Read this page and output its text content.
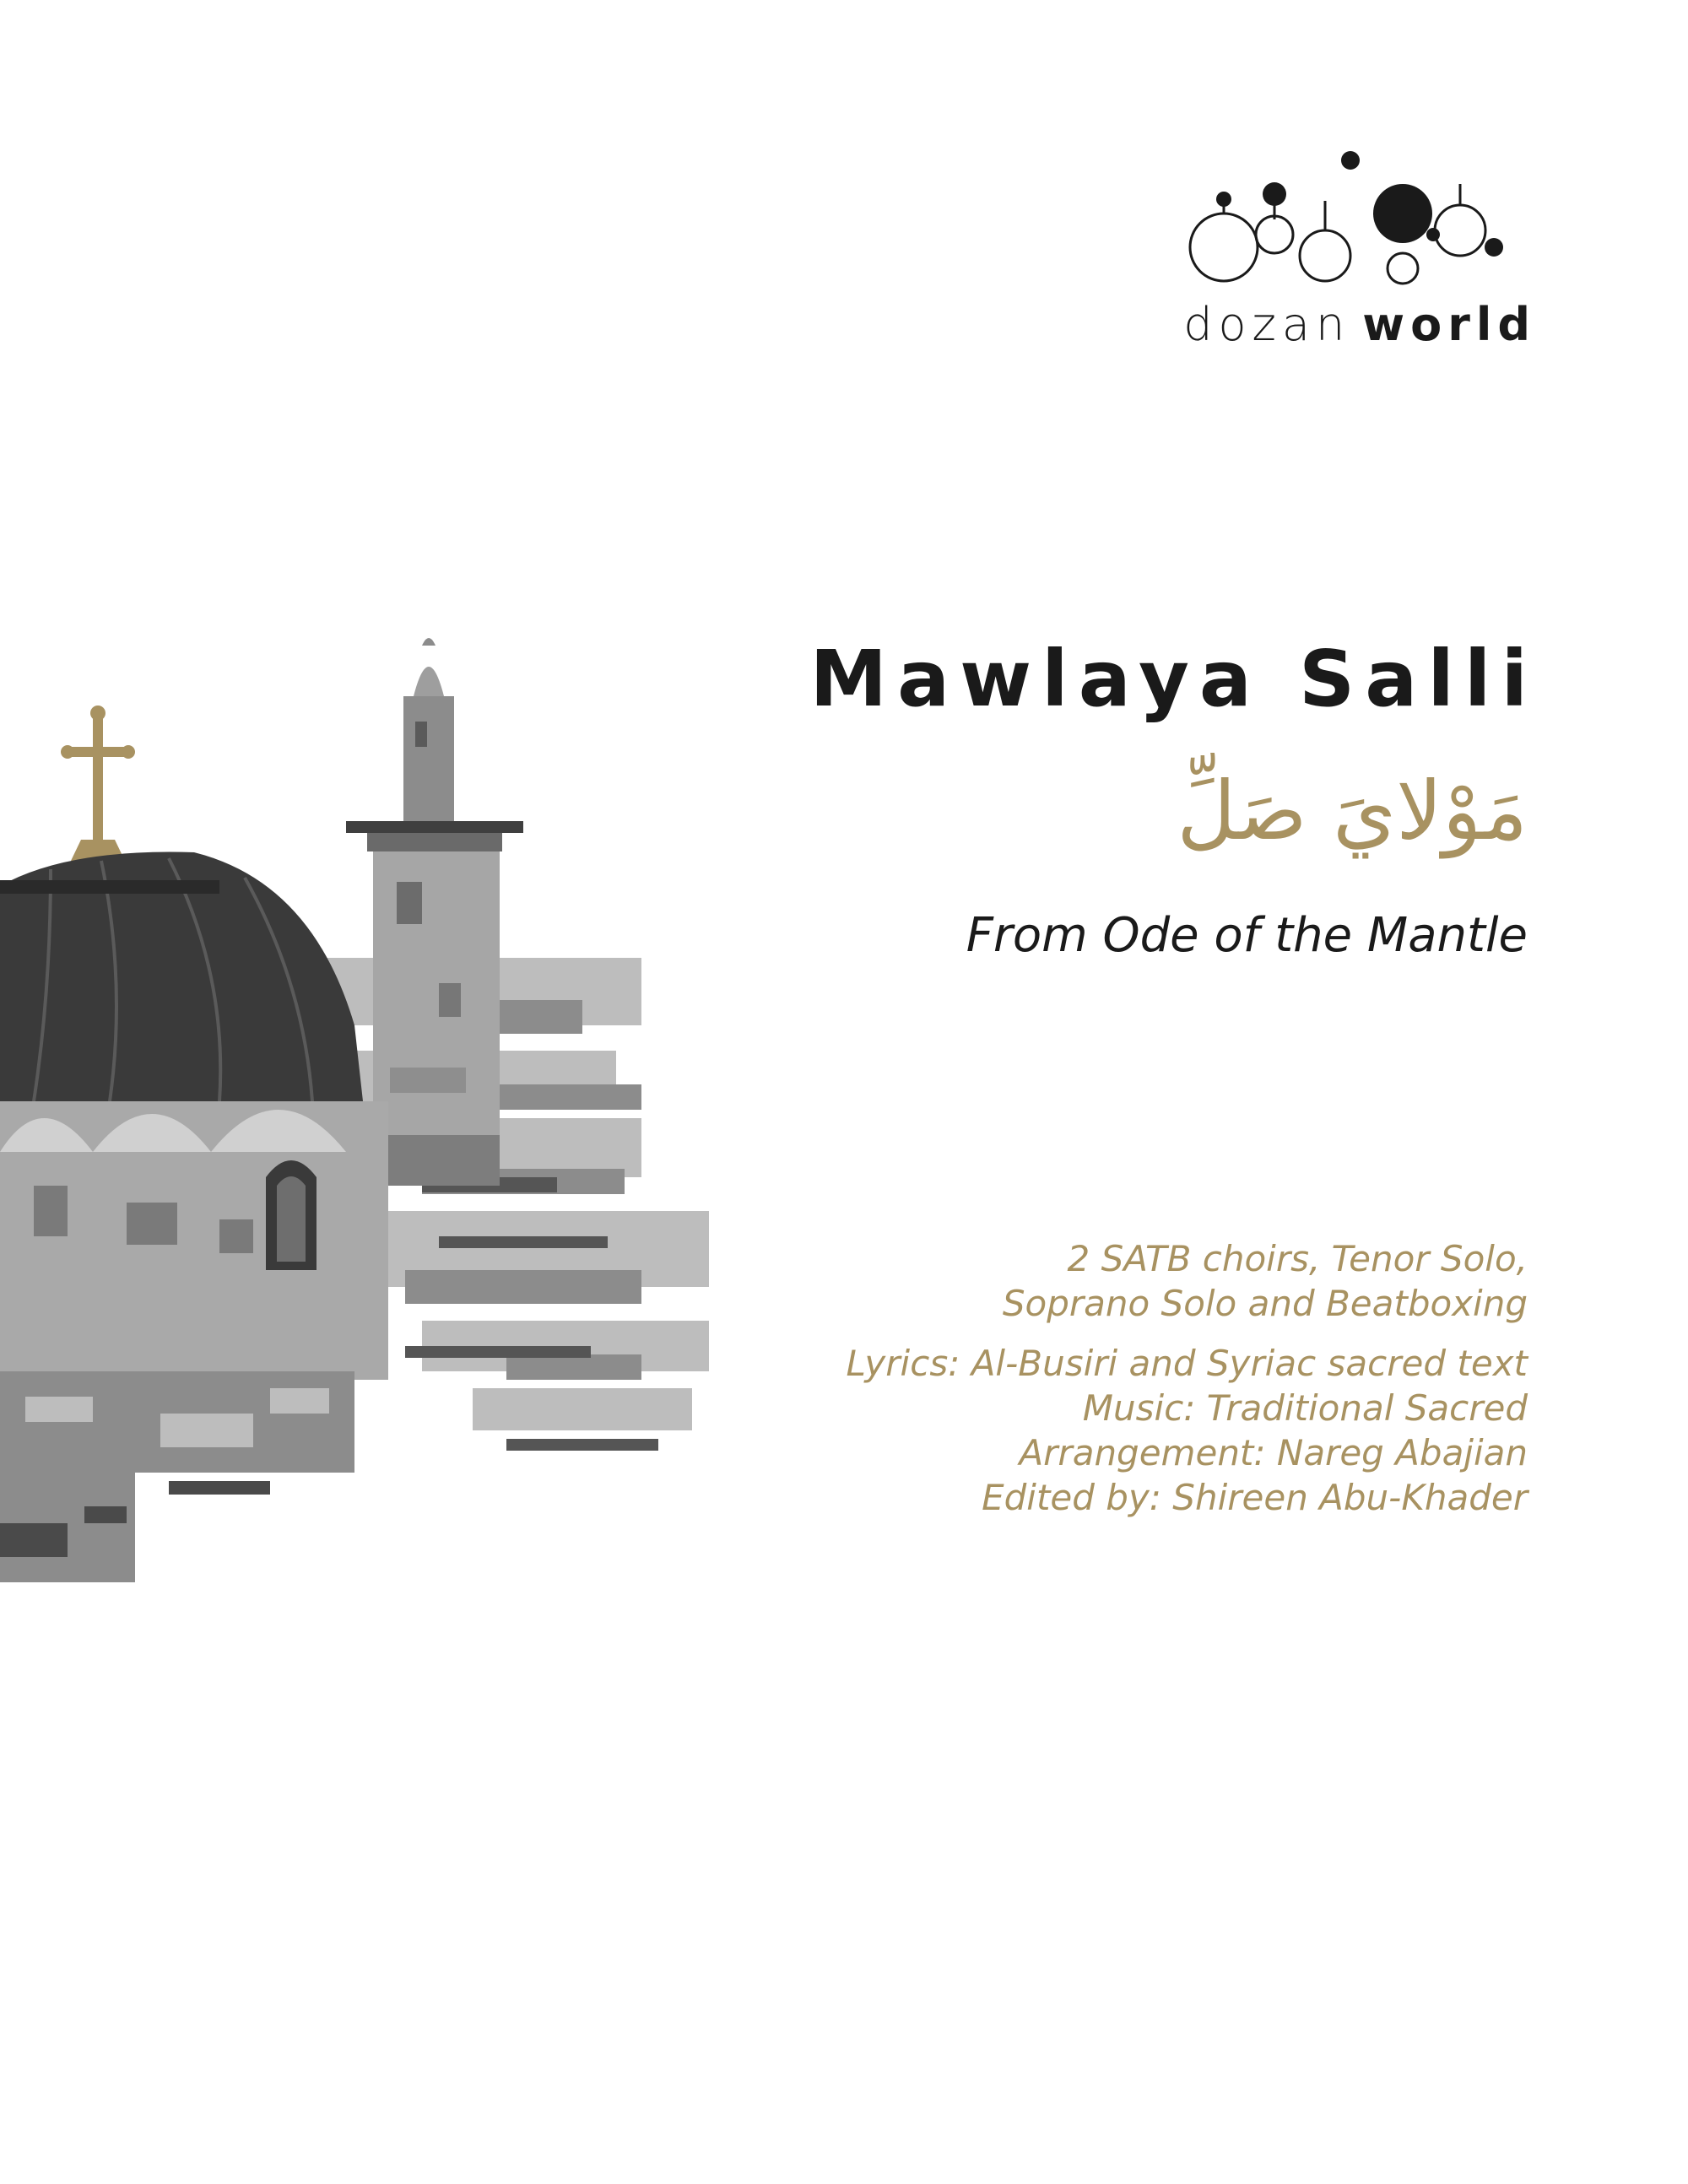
dozan world
Mawlaya Salli
مَوْلايَ صَلِّ
From Ode of the Mantle
2 SATB choirs, Tenor Solo,
Soprano Solo and Beatboxing
Lyrics: Al-Busiri and Syriac sacred text
Music: Traditional Sacred
Arrangement: Nareg Abajian
Edited by: Shireen Abu-Khader
